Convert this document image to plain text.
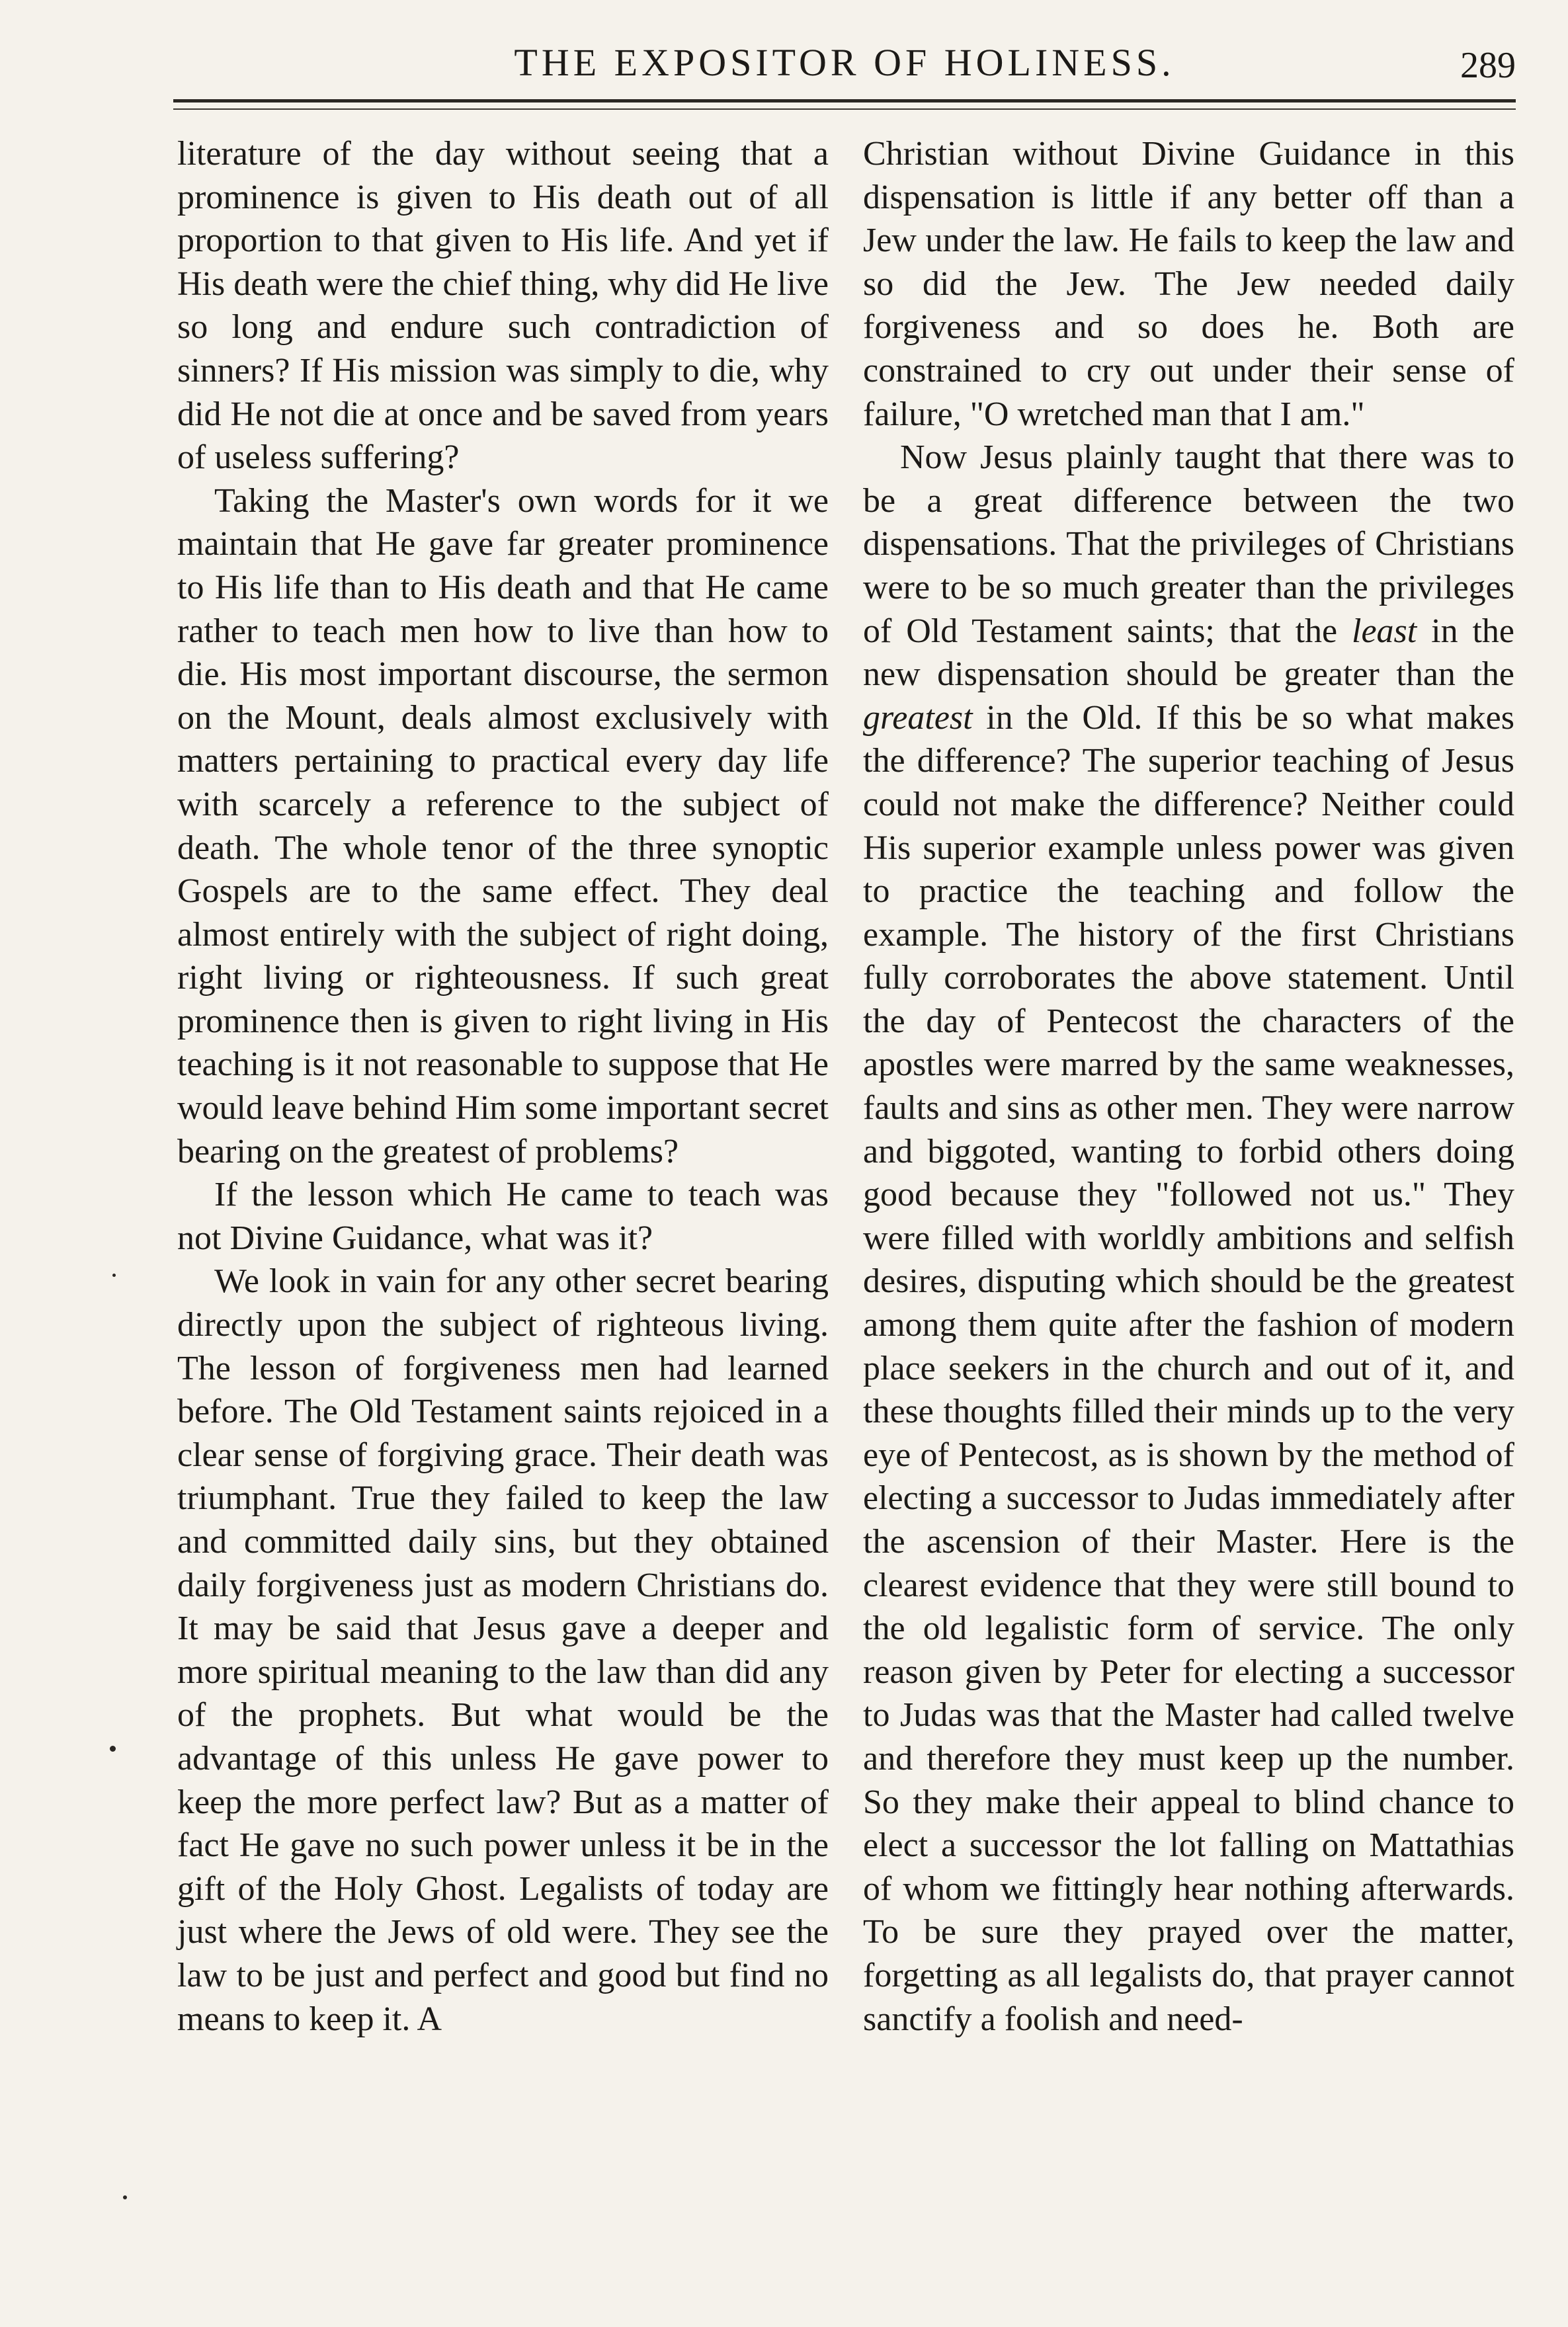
THE EXPOSITOR OF HOLINESS.	289

literature of the day without seeing that a prominence is given to His death out of all proportion to that given to His life. And yet if His death were the chief thing, why did He live so long and endure such contradiction of sinners? If His mission was simply to die, why did He not die at once and be saved from years of useless suffering?

Taking the Master's own words for it we maintain that He gave far greater prominence to His life than to His death and that He came rather to teach men how to live than how to die. His most important discourse, the sermon on the Mount, deals almost exclusively with matters pertaining to practical every day life with scarcely a reference to the subject of death. The whole tenor of the three synoptic Gospels are to the same effect. They deal almost entirely with the subject of right doing, right living or righteousness. If such great prominence then is given to right living in His teaching is it not reasonable to suppose that He would leave behind Him some important secret bearing on the greatest of problems?

If the lesson which He came to teach was not Divine Guidance, what was it?

We look in vain for any other secret bearing directly upon the subject of righteous living. The lesson of forgiveness men had learned before. The Old Testament saints rejoiced in a clear sense of forgiving grace. Their death was triumphant. True they failed to keep the law and committed daily sins, but they obtained daily forgiveness just as modern Christians do. It may be said that Jesus gave a deeper and more spiritual meaning to the law than did any of the prophets. But what would be the advantage of this unless He gave power to keep the more perfect law? But as a matter of fact He gave no such power unless it be in the gift of the Holy Ghost. Legalists of today are just where the Jews of old were. They see the law to be just and perfect and good but find no means to keep it. A

Christian without Divine Guidance in this dispensation is little if any better off than a Jew under the law. He fails to keep the law and so did the Jew. The Jew needed daily forgiveness and so does he. Both are constrained to cry out under their sense of failure, "O wretched man that I am."

Now Jesus plainly taught that there was to be a great difference between the two dispensations. That the privileges of Christians were to be so much greater than the privileges of Old Testament saints; that the least in the new dispensation should be greater than the greatest in the Old. If this be so what makes the difference? The superior teaching of Jesus could not make the difference? Neither could His superior example unless power was given to practice the teaching and follow the example. The history of the first Christians fully corroborates the above statement. Until the day of Pentecost the characters of the apostles were marred by the same weaknesses, faults and sins as other men. They were narrow and biggoted, wanting to forbid others doing good because they "followed not us." They were filled with worldly ambitions and selfish desires, disputing which should be the greatest among them quite after the fashion of modern place seekers in the church and out of it, and these thoughts filled their minds up to the very eye of Pentecost, as is shown by the method of electing a successor to Judas immediately after the ascension of their Master. Here is the clearest evidence that they were still bound to the old legalistic form of service. The only reason given by Peter for electing a successor to Judas was that the Master had called twelve and therefore they must keep up the number. So they make their appeal to blind chance to elect a successor the lot falling on Mattathias of whom we fittingly hear nothing afterwards. To be sure they prayed over the matter, forgetting as all legalists do, that prayer cannot sanctify a foolish and need-
